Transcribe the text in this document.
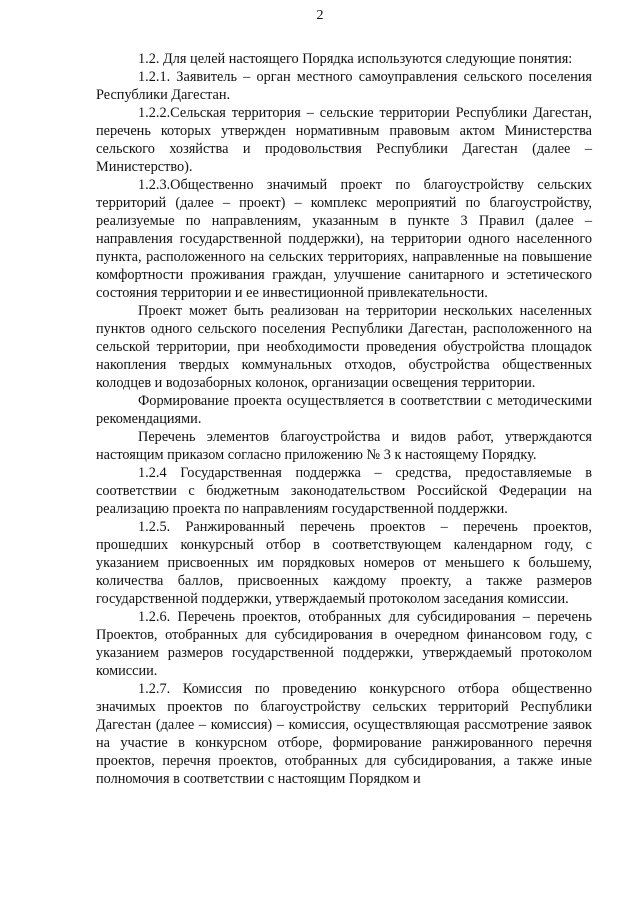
2

1.2. Для целей настоящего Порядка используются следующие понятия:

1.2.1. Заявитель – орган местного самоуправления сельского поселения Республики Дагестан.

1.2.2.Сельская территория – сельские территории Республики Дагестан, перечень которых утвержден нормативным правовым актом Министерства сельского хозяйства и продовольствия Республики Дагестан (далее – Министерство).

1.2.3.Общественно значимый проект по благоустройству сельских территорий (далее – проект) – комплекс мероприятий по благоустройству, реализуемые по направлениям, указанным в пункте 3 Правил (далее – направления государственной поддержки), на территории одного населенного пункта, расположенного на сельских территориях, направленные на повышение комфортности проживания граждан, улучшение санитарного и эстетического состояния территории и ее инвестиционной привлекательности.

Проект может быть реализован на территории нескольких населенных пунктов одного сельского поселения Республики Дагестан, расположенного на сельской территории, при необходимости проведения обустройства площадок накопления твердых коммунальных отходов, обустройства общественных колодцев и водозаборных колонок, организации освещения территории.

Формирование проекта осуществляется в соответствии с методическими рекомендациями.

Перечень элементов благоустройства и видов работ, утверждаются настоящим приказом согласно приложению № 3 к настоящему Порядку.

1.2.4 Государственная поддержка – средства, предоставляемые в соответствии с бюджетным законодательством Российской Федерации на реализацию проекта по направлениям государственной поддержки.

1.2.5. Ранжированный перечень проектов – перечень проектов, прошедших конкурсный отбор в соответствующем календарном году, с указанием присвоенных им порядковых номеров от меньшего к большему, количества баллов, присвоенных каждому проекту, а также размеров государственной поддержки, утверждаемый протоколом заседания комиссии.

1.2.6. Перечень проектов, отобранных для субсидирования – перечень Проектов, отобранных для субсидирования в очередном финансовом году, с указанием размеров государственной поддержки, утверждаемый протоколом комиссии.

1.2.7. Комиссия по проведению конкурсного отбора общественно значимых проектов по благоустройству сельских территорий Республики Дагестан (далее – комиссия) – комиссия, осуществляющая рассмотрение заявок на участие в конкурсном отборе, формирование ранжированного перечня проектов, перечня проектов, отобранных для субсидирования, а также иные полномочия в соответствии с настоящим Порядком и
